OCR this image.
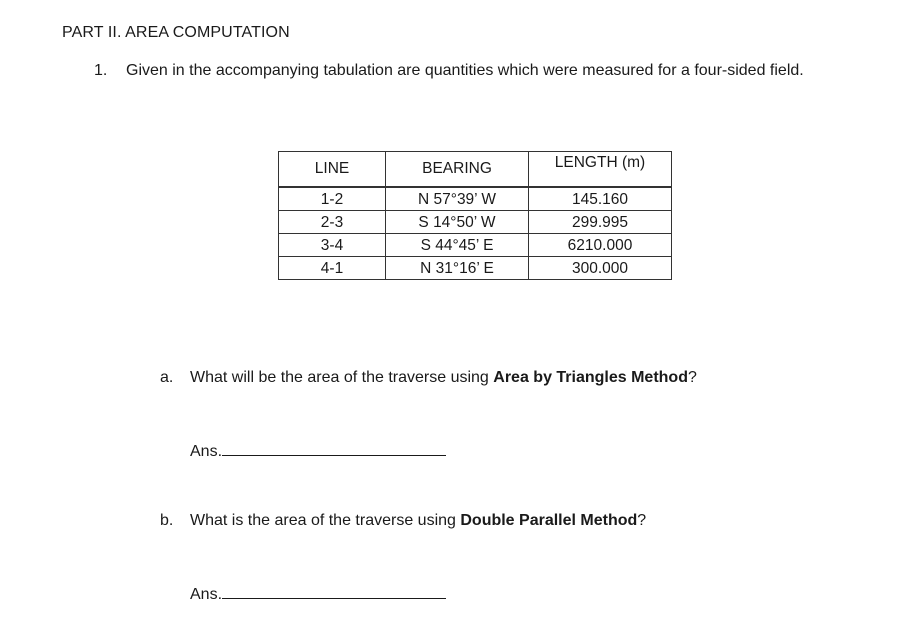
PART II. AREA COMPUTATION
1. Given in the accompanying tabulation are quantities which were measured for a four-sided field.
LINE	BEARING	LENGTH (m)
1-2	N 57°39’ W	145.160
2-3	S 14°50’ W	299.995
3-4	S 44°45’ E	6210.000
4-1	N 31°16’ E	300.000
a. What will be the area of the traverse using Area by Triangles Method?
Ans.
b. What is the area of the traverse using Double Parallel Method?
Ans.
